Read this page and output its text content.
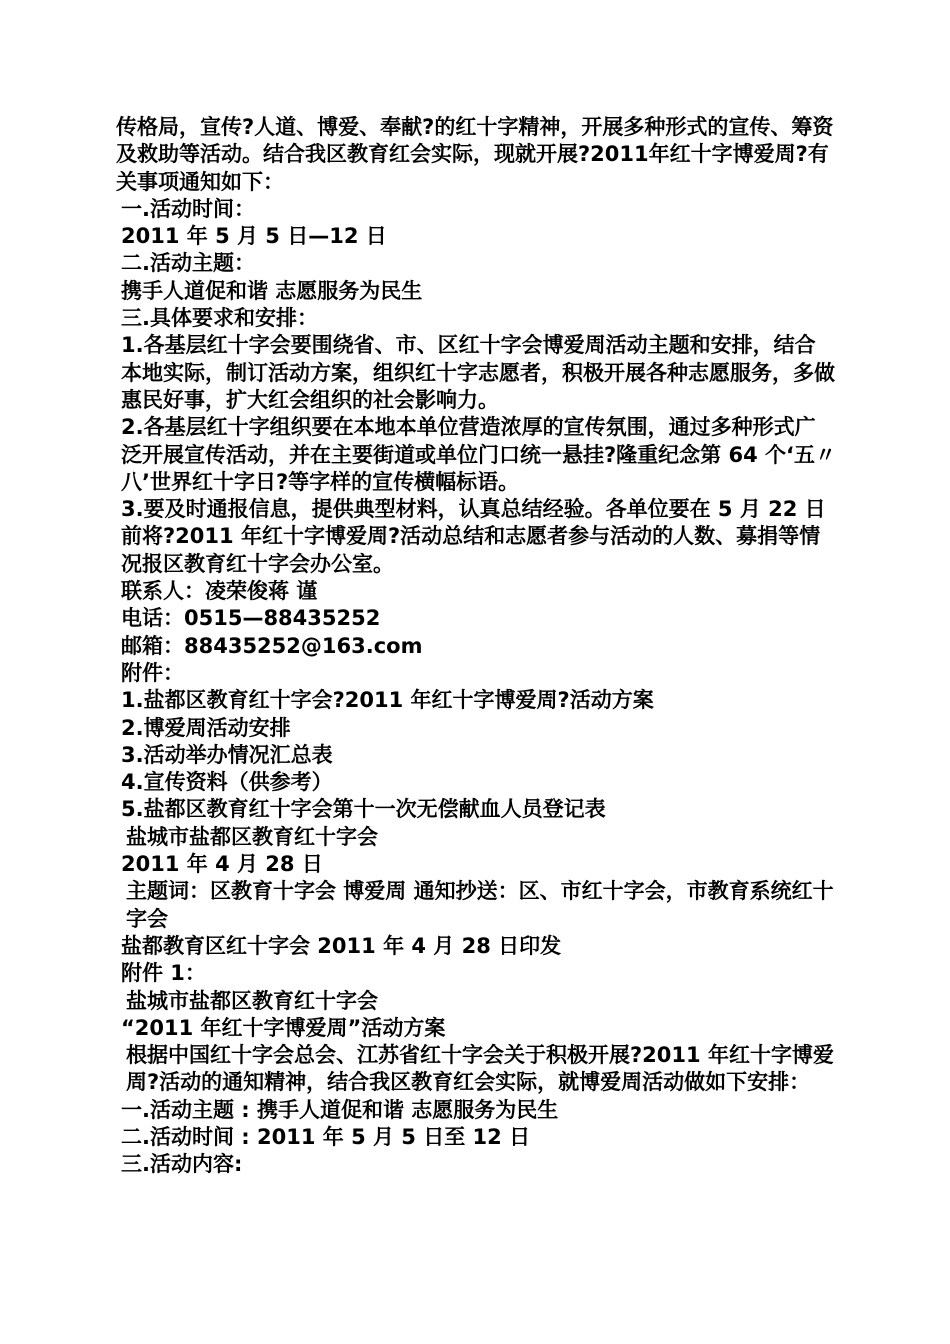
传格局，宣传?人道、博爱、奉献?的红十字精神，开展多种形式的宣传、筹资及救助等活动。结合我区教育红会实际，现就开展?2011年红十字博爱周?有关事项通知如下：
一.活动时间：
2011 年 5 月 5 日—12 日
二.活动主题：
携手人道促和谐 志愿服务为民生
三.具体要求和安排：
1.各基层红十字会要围绕省、市、区红十字会博爱周活动主题和安排，结合本地实际，制订活动方案，组织红十字志愿者，积极开展各种志愿服务，多做惠民好事，扩大红会组织的社会影响力。
2.各基层红十字组织要在本地本单位营造浓厚的宣传氛围，通过多种形式广泛开展宣传活动，并在主要街道或单位门口统一悬挂?隆重纪念第 64 个‘五〃八’世界红十字日?等字样的宣传横幅标语。
3.要及时通报信息，提供典型材料，认真总结经验。各单位要在 5 月 22 日前将?2011 年红十字博爱周?活动总结和志愿者参与活动的人数、募捐等情况报区教育红十字会办公室。
联系人：凌荣俊蒋 谨
电话：0515—88435252
邮箱：88435252@163.com
附件：
1.盐都区教育红十字会?2011 年红十字博爱周?活动方案
2.博爱周活动安排
3.活动举办情况汇总表
4.宣传资料（供参考）
5.盐都区教育红十字会第十一次无偿献血人员登记表
盐城市盐都区教育红十字会
2011 年 4 月 28 日
主题词：区教育十字会 博爱周 通知抄送：区、市红十字会，市教育系统红十字会
盐都教育区红十字会 2011 年 4 月 28 日印发
附件 1：
盐城市盐都区教育红十字会
“2011 年红十字博爱周”活动方案
根据中国红十字会总会、江苏省红十字会关于积极开展?2011 年红十字博爱周?活动的通知精神，结合我区教育红会实际，就博爱周活动做如下安排：
一.活动主题 : 携手人道促和谐 志愿服务为民生
二.活动时间 : 2011 年 5 月 5 日至 12 日
三.活动内容:
